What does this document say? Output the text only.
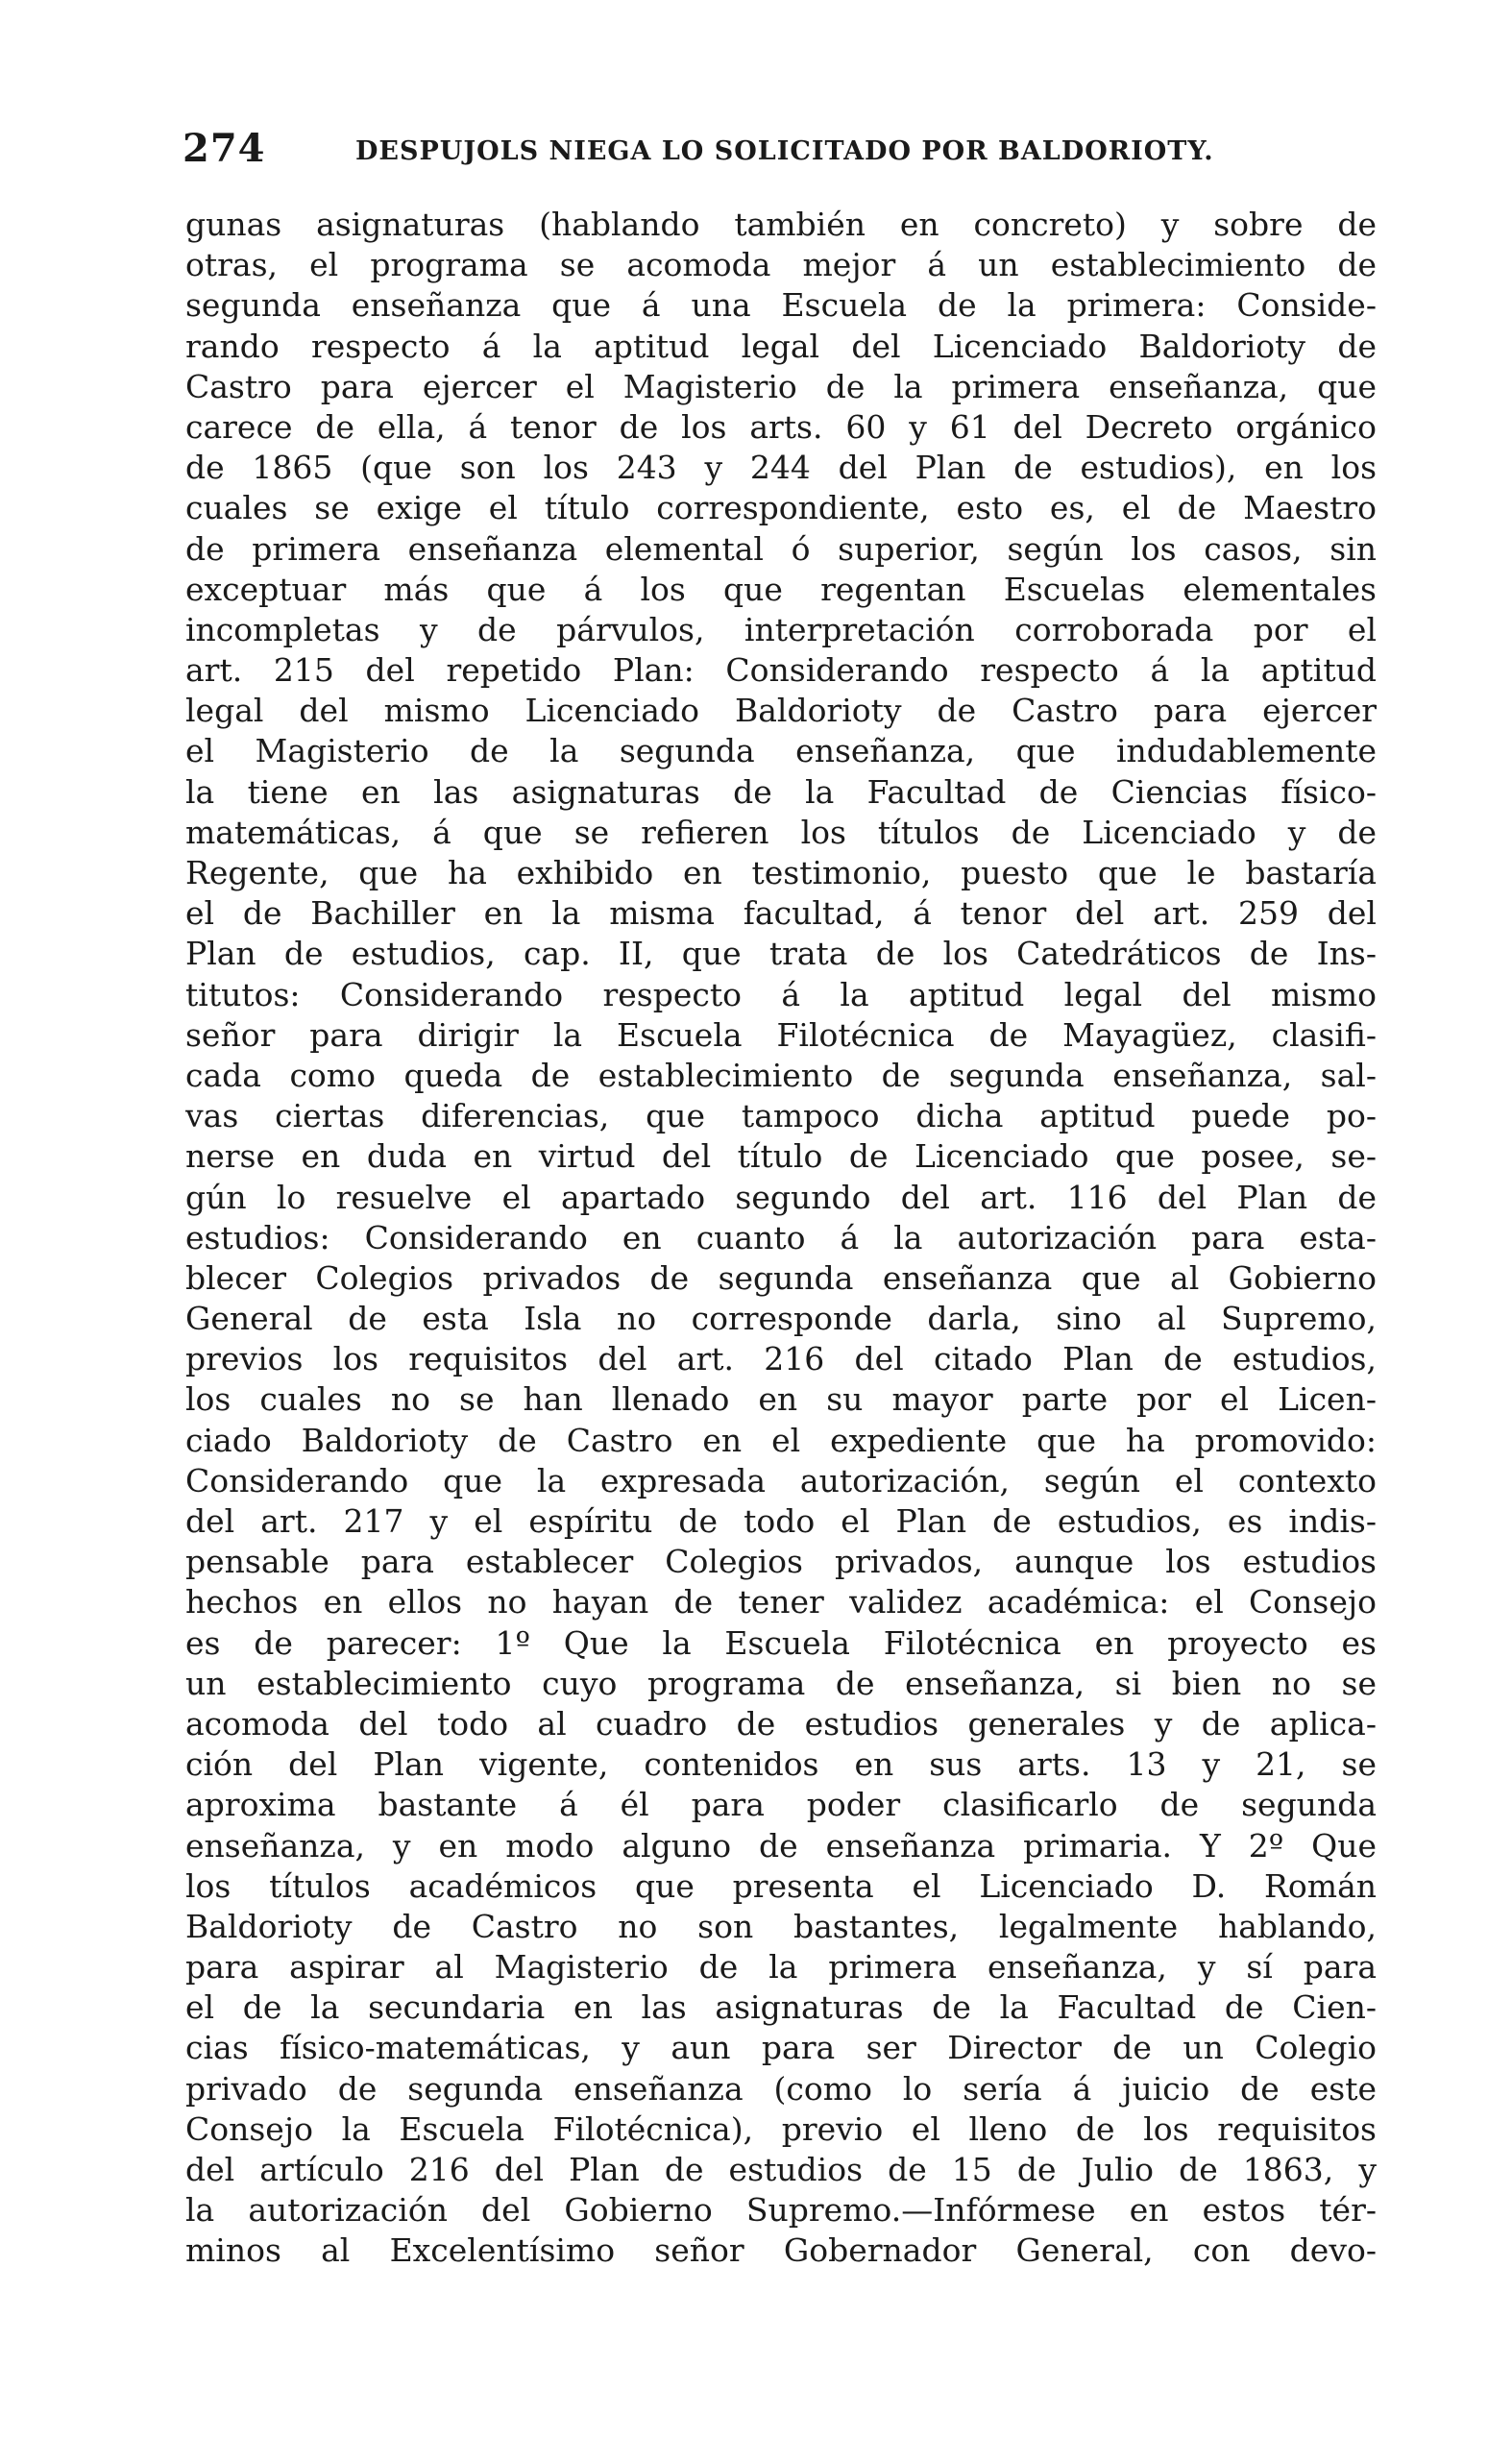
274	DESPUJOLS NIEGA LO SOLICITADO POR BALDORIOTY.
gunas asignaturas (hablando también en concreto) y sobre de
otras, el programa se acomoda mejor á un establecimiento de
segunda enseñanza que á una Escuela de la primera: Conside-
rando respecto á la aptitud legal del Licenciado Baldorioty de
Castro para ejercer el Magisterio de la primera enseñanza, que
carece de ella, á tenor de los arts. 60 y 61 del Decreto orgánico
de 1865 (que son los 243 y 244 del Plan de estudios), en los
cuales se exige el título correspondiente, esto es, el de Maestro
de primera enseñanza elemental ó superior, según los casos, sin
exceptuar más que á los que regentan Escuelas elementales
incompletas y de párvulos, interpretación corroborada por el
art. 215 del repetido Plan: Considerando respecto á la aptitud
legal del mismo Licenciado Baldorioty de Castro para ejercer
el Magisterio de la segunda enseñanza, que indudablemente
la tiene en las asignaturas de la Facultad de Ciencias físico-
matemáticas, á que se refieren los títulos de Licenciado y de
Regente, que ha exhibido en testimonio, puesto que le bastaría
el de Bachiller en la misma facultad, á tenor del art. 259 del
Plan de estudios, cap. II, que trata de los Catedráticos de Ins-
titutos: Considerando respecto á la aptitud legal del mismo
señor para dirigir la Escuela Filotécnica de Mayagüez, clasifi-
cada como queda de establecimiento de segunda enseñanza, sal-
vas ciertas diferencias, que tampoco dicha aptitud puede po-
nerse en duda en virtud del título de Licenciado que posee, se-
gún lo resuelve el apartado segundo del art. 116 del Plan de
estudios: Considerando en cuanto á la autorización para esta-
blecer Colegios privados de segunda enseñanza que al Gobierno
General de esta Isla no corresponde darla, sino al Supremo,
previos los requisitos del art. 216 del citado Plan de estudios,
los cuales no se han llenado en su mayor parte por el Licen-
ciado Baldorioty de Castro en el expediente que ha promovido:
Considerando que la expresada autorización, según el contexto
del art. 217 y el espíritu de todo el Plan de estudios, es indis-
pensable para establecer Colegios privados, aunque los estudios
hechos en ellos no hayan de tener validez académica: el Consejo
es de parecer: 1º Que la Escuela Filotécnica en proyecto es
un establecimiento cuyo programa de enseñanza, si bien no se
acomoda del todo al cuadro de estudios generales y de aplica-
ción del Plan vigente, contenidos en sus arts. 13 y 21, se
aproxima bastante á él para poder clasificarlo de segunda
enseñanza, y en modo alguno de enseñanza primaria. Y 2º Que
los títulos académicos que presenta el Licenciado D. Román
Baldorioty de Castro no son bastantes, legalmente hablando,
para aspirar al Magisterio de la primera enseñanza, y sí para
el de la secundaria en las asignaturas de la Facultad de Cien-
cias físico-matemáticas, y aun para ser Director de un Colegio
privado de segunda enseñanza (como lo sería á juicio de este
Consejo la Escuela Filotécnica), previo el lleno de los requisitos
del artículo 216 del Plan de estudios de 15 de Julio de 1863, y
la autorización del Gobierno Supremo.—Infórmese en estos tér-
minos al Excelentísimo señor Gobernador General, con devo-
